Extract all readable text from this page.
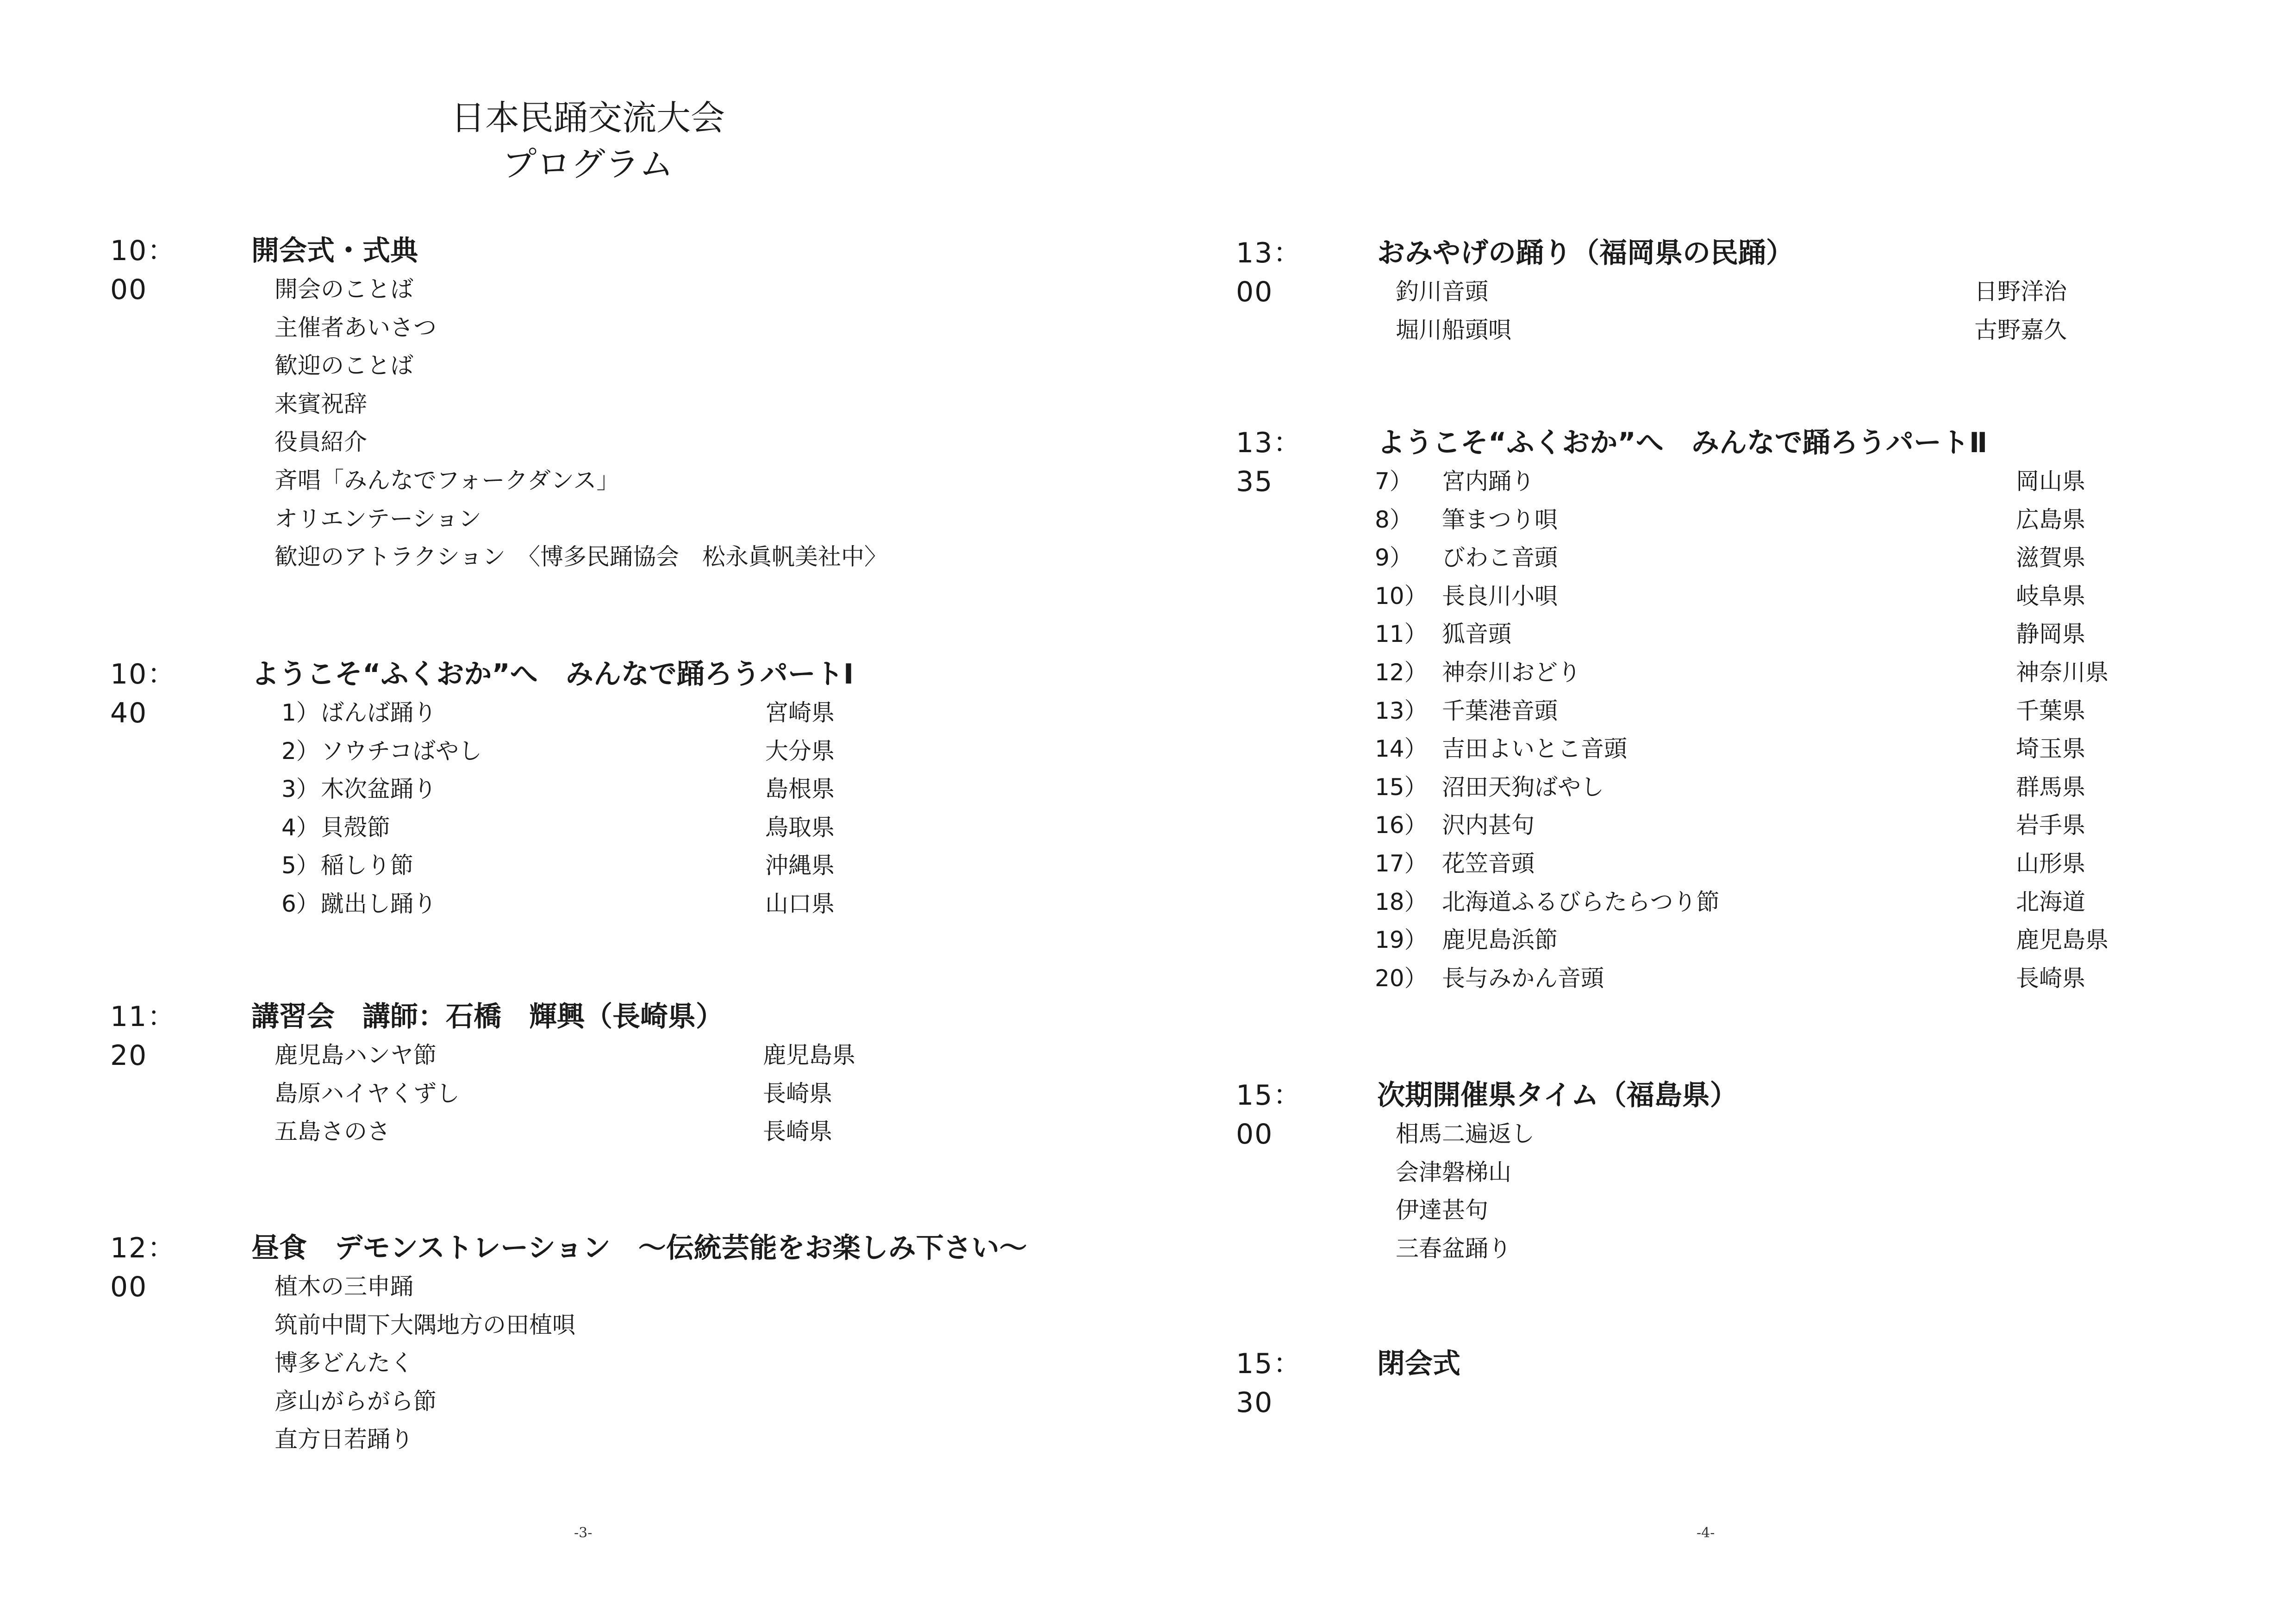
日本民踊交流大会
プログラム
-3-
10：00
開会式・式典
開会のことば
主催者あいさつ
歓迎のことば
来賓祝辞
役員紹介
斉唱「みんなでフォークダンス」
オリエンテーション
歓迎のアトラクション　〈博多民踊協会　松永眞帆美社中〉
10：40
ようこそ“ふくおか”へ　みんなで踊ろうパートⅠ
1） ばんば踊り	宮崎県
2） ソウチコばやし	大分県
3） 木次盆踊り	島根県
4） 貝殻節	鳥取県
5） 稲しり節	沖縄県
6） 蹴出し踊り	山口県
11：20
講習会　講師：石橋　輝興（長崎県）
鹿児島ハンヤ節	鹿児島県
島原ハイヤくずし	長崎県
五島さのさ	長崎県
12：00
昼食　デモンストレーション　～伝統芸能をお楽しみ下さい～
植木の三申踊
筑前中間下大隅地方の田植唄
博多どんたく
彦山がらがら節
直方日若踊り
-4-
13：00
おみやげの踊り（福岡県の民踊）
釣川音頭	日野洋治
堀川船頭唄	古野嘉久
13：35
ようこそ“ふくおか”へ　みんなで踊ろうパートⅡ
7） 宮内踊り	岡山県
8） 筆まつり唄	広島県
9） びわこ音頭	滋賀県
10） 長良川小唄	岐阜県
11） 狐音頭	静岡県
12） 神奈川おどり	神奈川県
13） 千葉港音頭	千葉県
14） 吉田よいとこ音頭	埼玉県
15） 沼田天狗ばやし	群馬県
16） 沢内甚句	岩手県
17） 花笠音頭	山形県
18） 北海道ふるびらたらつり節	北海道
19） 鹿児島浜節	鹿児島県
20） 長与みかん音頭	長崎県
15：00
次期開催県タイム（福島県）
相馬二遍返し
会津磐梯山
伊達甚句
三春盆踊り
15：30
閉会式
